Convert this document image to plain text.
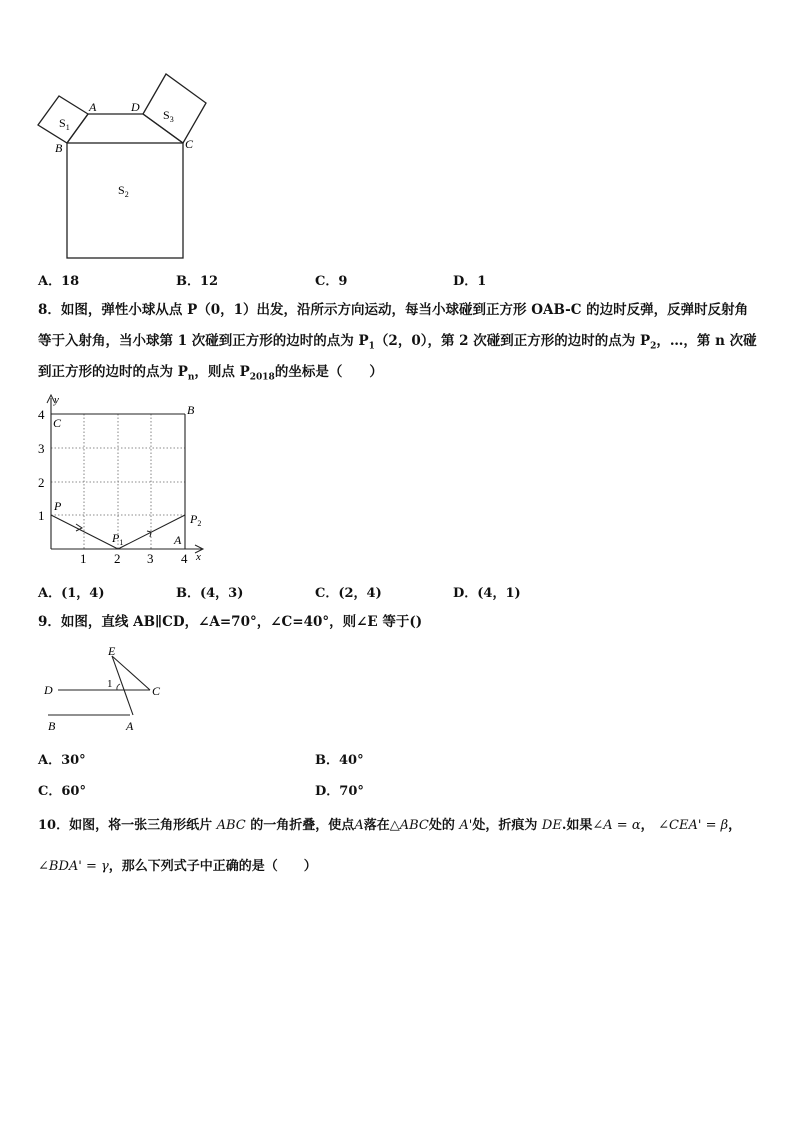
A	D
B	C
$S_1$
$S_3$
$S_2$
A．18	B．12	C．9	D．1
8．如图，弹性小球从点 P（0，1）出发，沿所示方向运动，每当小球碰到正方形 OAB-C 的边时反弹，反弹时反射角
等于入射角，当小球第 1 次碰到正方形的边时的点为 $P_1(2$，0），第 2 次碰到正方形的边时的点为 $P_2$，…，第 n 次碰
到正方形的边时的点为 $P_n$，则点 $P_{2018}$的坐标是（　　）
y
x
4
3
2
1
1 2 3 4
C
B
P
$P_2$
$P_1$	A
A．(1，4)	B．(4，3)	C．(2，4)	D．(4，1)
9．如图，直线 AB∥CD，∠A=70°，∠C=40°，则∠E 等于()
E
1
D	C
B	A
A．30°	B．40°
C．60°	D．70°
10．如图，将一张三角形纸片 ABC 的一角折叠，使点A落在△ABC处的 A'处，折痕为 DE.如果∠A = α， ∠CEA' = β，
∠BDA' = γ，那么下列式子中正确的是（　　）
